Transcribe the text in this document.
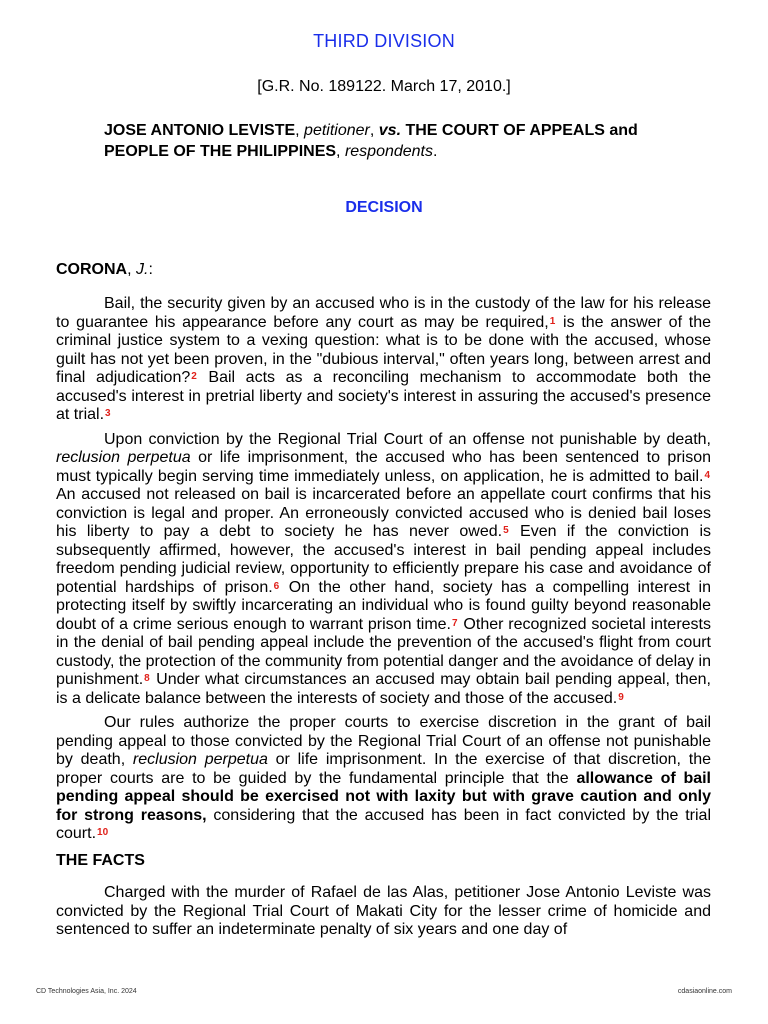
THIRD DIVISION
[G.R. No. 189122. March 17, 2010.]
JOSE ANTONIO LEVISTE, petitioner, vs. THE COURT OF APPEALS and
PEOPLE OF THE PHILIPPINES, respondents.
DECISION
CORONA, J.:

Bail, the security given by an accused who is in the custody of the law for his release to guarantee his appearance before any court as may be required,$^1$ is the answer of the criminal justice system to a vexing question: what is to be done with the accused, whose guilt has not yet been proven, in the "dubious interval," often years long, between arrest and final adjudication?$^2$ Bail acts as a reconciling mechanism to accommodate both the accused's interest in pretrial liberty and society's interest in assuring the accused's presence at trial.$^3$

Upon conviction by the Regional Trial Court of an offense not punishable by death, reclusion perpetua or life imprisonment, the accused who has been sentenced to prison must typically begin serving time immediately unless, on application, he is admitted to bail.$^4$ An accused not released on bail is incarcerated before an appellate court confirms that his conviction is legal and proper. An erroneously convicted accused who is denied bail loses his liberty to pay a debt to society he has never owed.$^5$ Even if the conviction is subsequently affirmed, however, the accused's interest in bail pending appeal includes freedom pending judicial review, opportunity to efficiently prepare his case and avoidance of potential hardships of prison.$^6$ On the other hand, society has a compelling interest in protecting itself by swiftly incarcerating an individual who is found guilty beyond reasonable doubt of a crime serious enough to warrant prison time.$^7$ Other recognized societal interests in the denial of bail pending appeal include the prevention of the accused's flight from court custody, the protection of the community from potential danger and the avoidance of delay in punishment.$^8$ Under what circumstances an accused may obtain bail pending appeal, then, is a delicate balance between the interests of society and those of the accused.$^9$

Our rules authorize the proper courts to exercise discretion in the grant of bail pending appeal to those convicted by the Regional Trial Court of an offense not punishable by death, reclusion perpetua or life imprisonment. In the exercise of that discretion, the proper courts are to be guided by the fundamental principle that the allowance of bail pending appeal should be exercised not with laxity but with grave caution and only for strong reasons, considering that the accused has been in fact convicted by the trial court.$^{10}$

THE FACTS

Charged with the murder of Rafael de las Alas, petitioner Jose Antonio Leviste was convicted by the Regional Trial Court of Makati City for the lesser crime of homicide and sentenced to suffer an indeterminate penalty of six years and one day of

CD Technologies Asia, Inc. 2024	cdasiaonline.com
